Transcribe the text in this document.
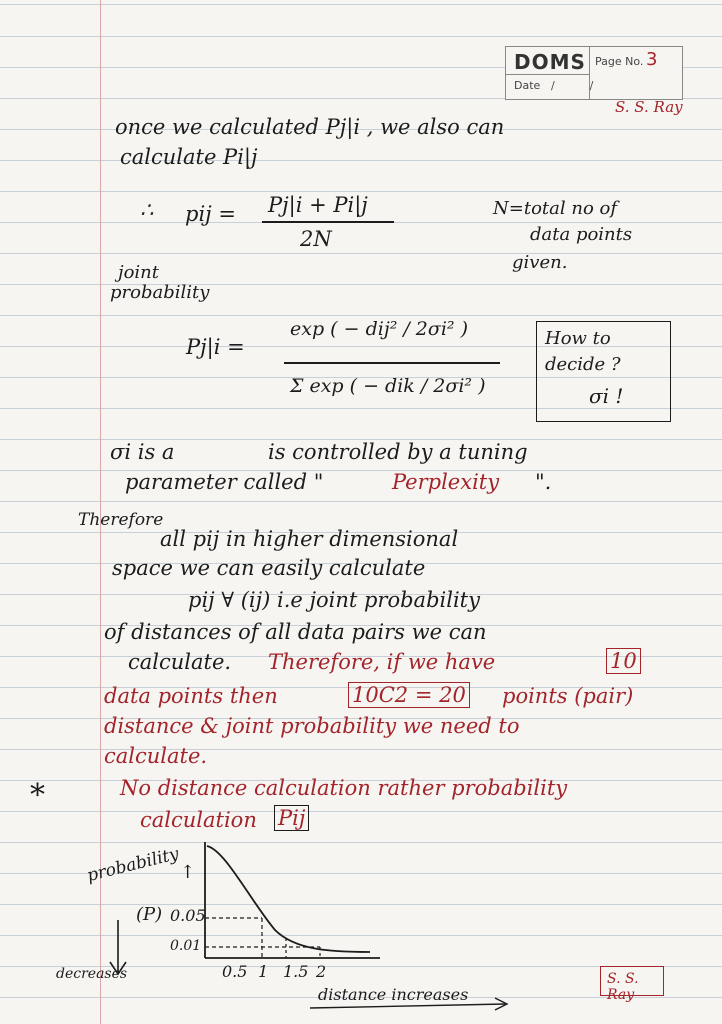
DOMS Page No. 3
Date /          /
S. S. Ray
once we calculated Pj|i , we also can
calculate Pi|j
∴ pij = Pj|i + Pi|j
2N
N=total no of
data points
given.
joint
probability
Pj|i =
exp ( − dij² / 2σi² )
Σ exp ( − dik / 2σi² )
How to
decide ?
σi !
σi is a	is controlled by a tuning
parameter called "	Perplexity ".
Therefore
all pij in higher dimensional
space we can easily calculate
pij ∀ (ij) i.e joint probability
of distances of all data pairs we can
calculate. Therefore, if we have	10
data points then	10C2 = 20 points (pair)
distance & joint probability we need to
calculate.
*	No distance calculation rather probability
calculation Pij
probability ↑
(P) 0.05
0.01
decreases	0.5 1 1.5 2
distance increases
S. S. Ray
